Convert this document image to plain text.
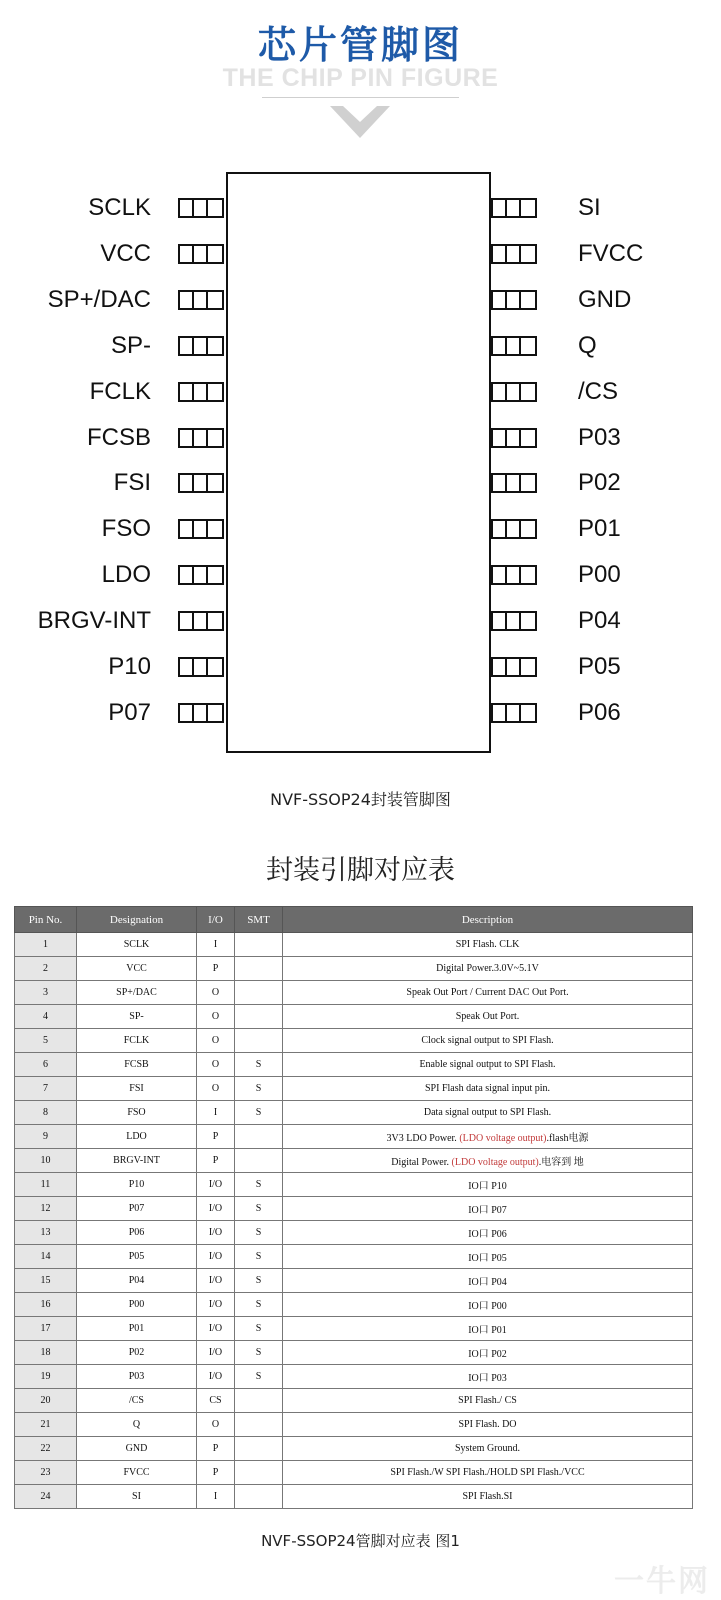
芯片管脚图
THE CHIP PIN FIGURE
SCLK
VCC
SP+/DAC
SP-
FCLK
FCSB
FSI
FSO
LDO
BRGV-INT
P10
P07
SI
FVCC
GND
Q
/CS
P03
P02
P01
P00
P04
P05
P06
NVF-SSOP24封装管脚图
封装引脚对应表
Pin No.	Designation	I/O	SMT	Description
1	SCLK	I		SPI Flash. CLK
2	VCC	P		Digital Power.3.0V~5.1V
3	SP+/DAC	O		Speak Out Port / Current DAC Out Port.
4	SP-	O		Speak Out Port.
5	FCLK	O		Clock signal output to SPI Flash.
6	FCSB	O	S	Enable signal output to SPI Flash.
7	FSI	O	S	SPI Flash data signal input pin.
8	FSO	I	S	Data signal output to SPI Flash.
9	LDO	P		3V3 LDO Power. (LDO voltage output).flash电源
10	BRGV-INT	P		Digital Power. (LDO voltage output).电容到 地
11	P10	I/O	S	IO口 P10
12	P07	I/O	S	IO口 P07
13	P06	I/O	S	IO口 P06
14	P05	I/O	S	IO口 P05
15	P04	I/O	S	IO口 P04
16	P00	I/O	S	IO口 P00
17	P01	I/O	S	IO口 P01
18	P02	I/O	S	IO口 P02
19	P03	I/O	S	IO口 P03
20	/CS	CS		SPI Flash./ CS
21	Q	O		SPI Flash. DO
22	GND	P		System Ground.
23	FVCC	P		SPI Flash./W SPI Flash./HOLD SPI Flash./VCC
24	SI	I		SPI Flash.SI
NVF-SSOP24管脚对应表 图1
一牛网
